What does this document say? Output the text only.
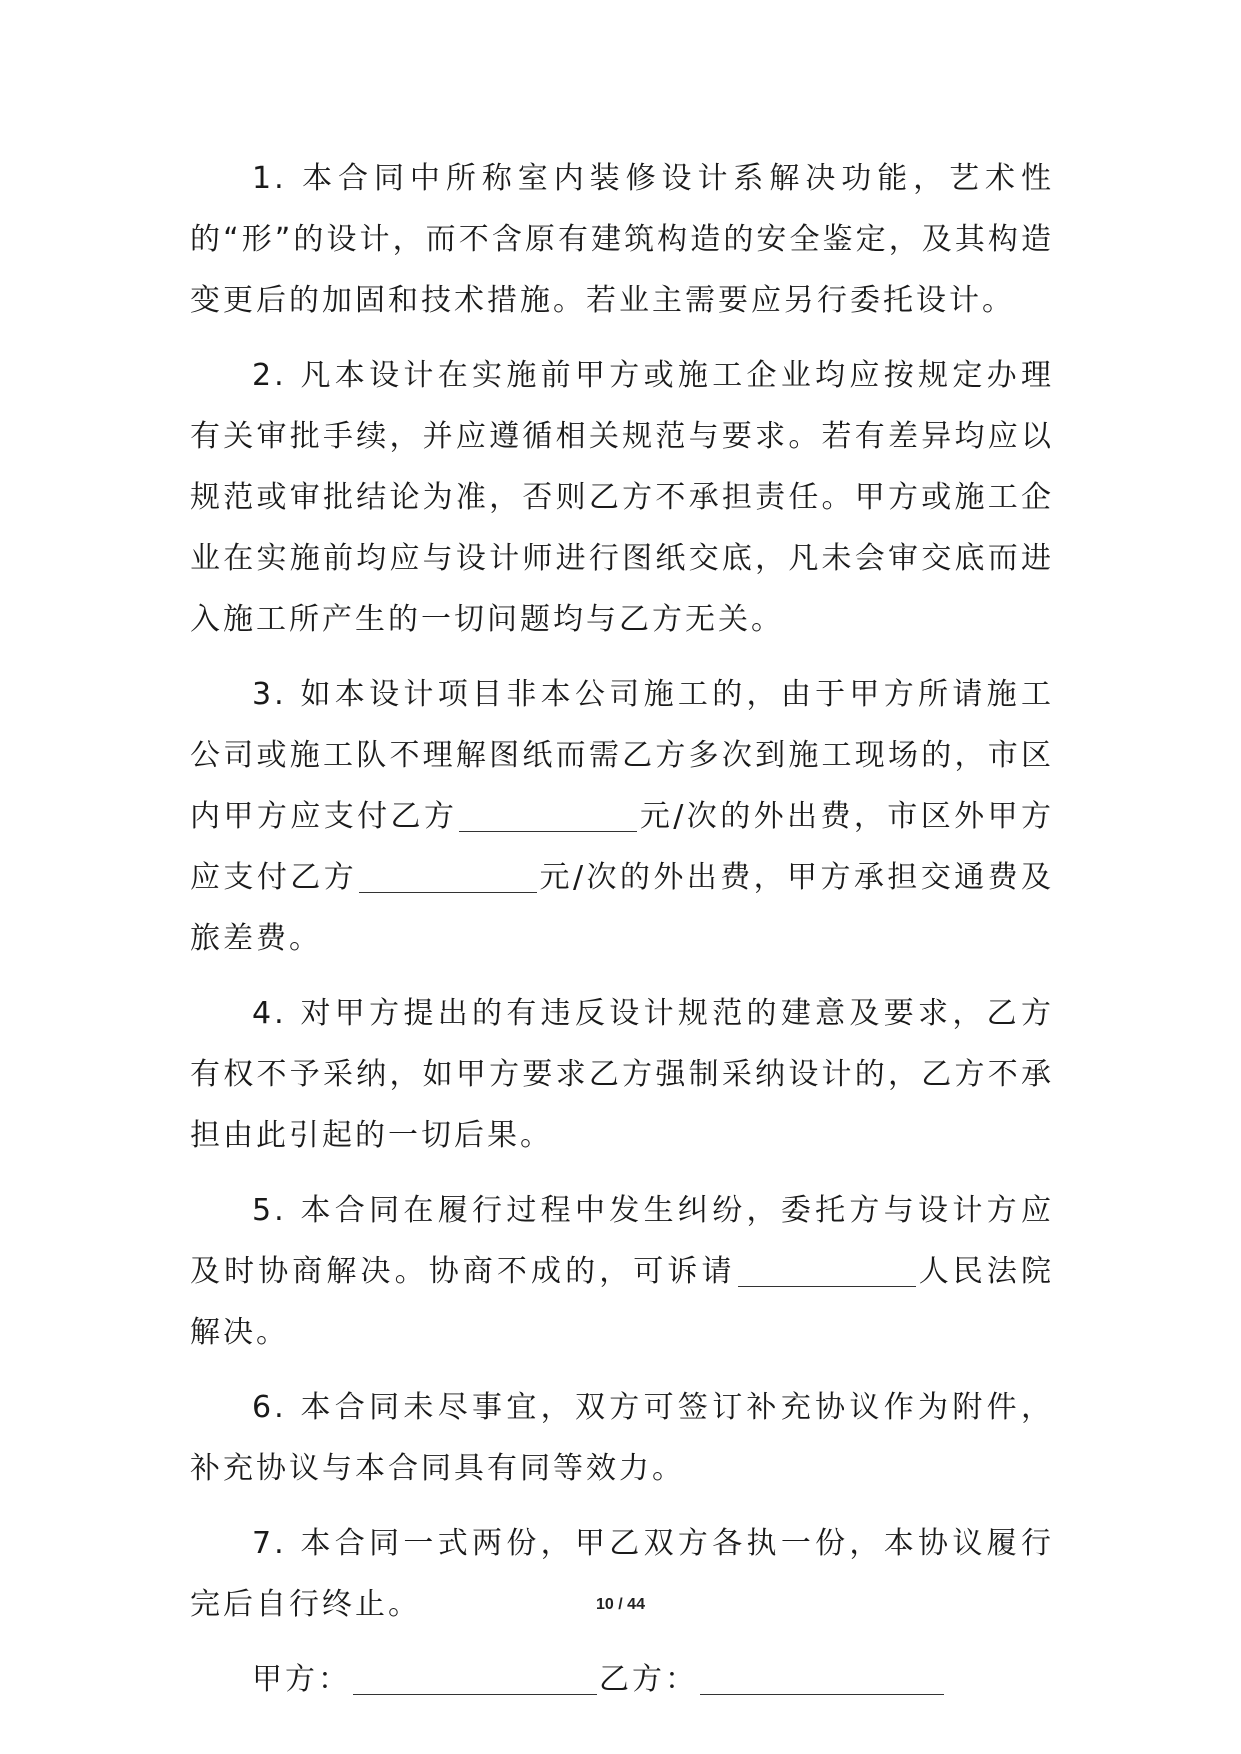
1. 本合同中所称室内装修设计系解决功能，艺术性的“形”的设计，而不含原有建筑构造的安全鉴定，及其构造变更后的加固和技术措施。若业主需要应另行委托设计。

2. 凡本设计在实施前甲方或施工企业均应按规定办理有关审批手续，并应遵循相关规范与要求。若有差异均应以规范或审批结论为准，否则乙方不承担责任。甲方或施工企业在实施前均应与设计师进行图纸交底，凡未会审交底而进入施工所产生的一切问题均与乙方无关。

3. 如本设计项目非本公司施工的，由于甲方所请施工公司或施工队不理解图纸而需乙方多次到施工现场的，市区内甲方应支付乙方	元/次的外出费，市区外甲方应支付乙方	元/次的外出费，甲方承担交通费及旅差费。

4. 对甲方提出的有违反设计规范的建意及要求，乙方有权不予采纳，如甲方要求乙方强制采纳设计的，乙方不承担由此引起的一切后果。

5. 本合同在履行过程中发生纠纷，委托方与设计方应及时协商解决。协商不成的，可诉请	人民法院解决。

6. 本合同未尽事宜，双方可签订补充协议作为附件，补充协议与本合同具有同等效力。

7. 本合同一式两份，甲乙双方各执一份，本协议履行完后自行终止。

甲方：	乙方：

10 / 44
